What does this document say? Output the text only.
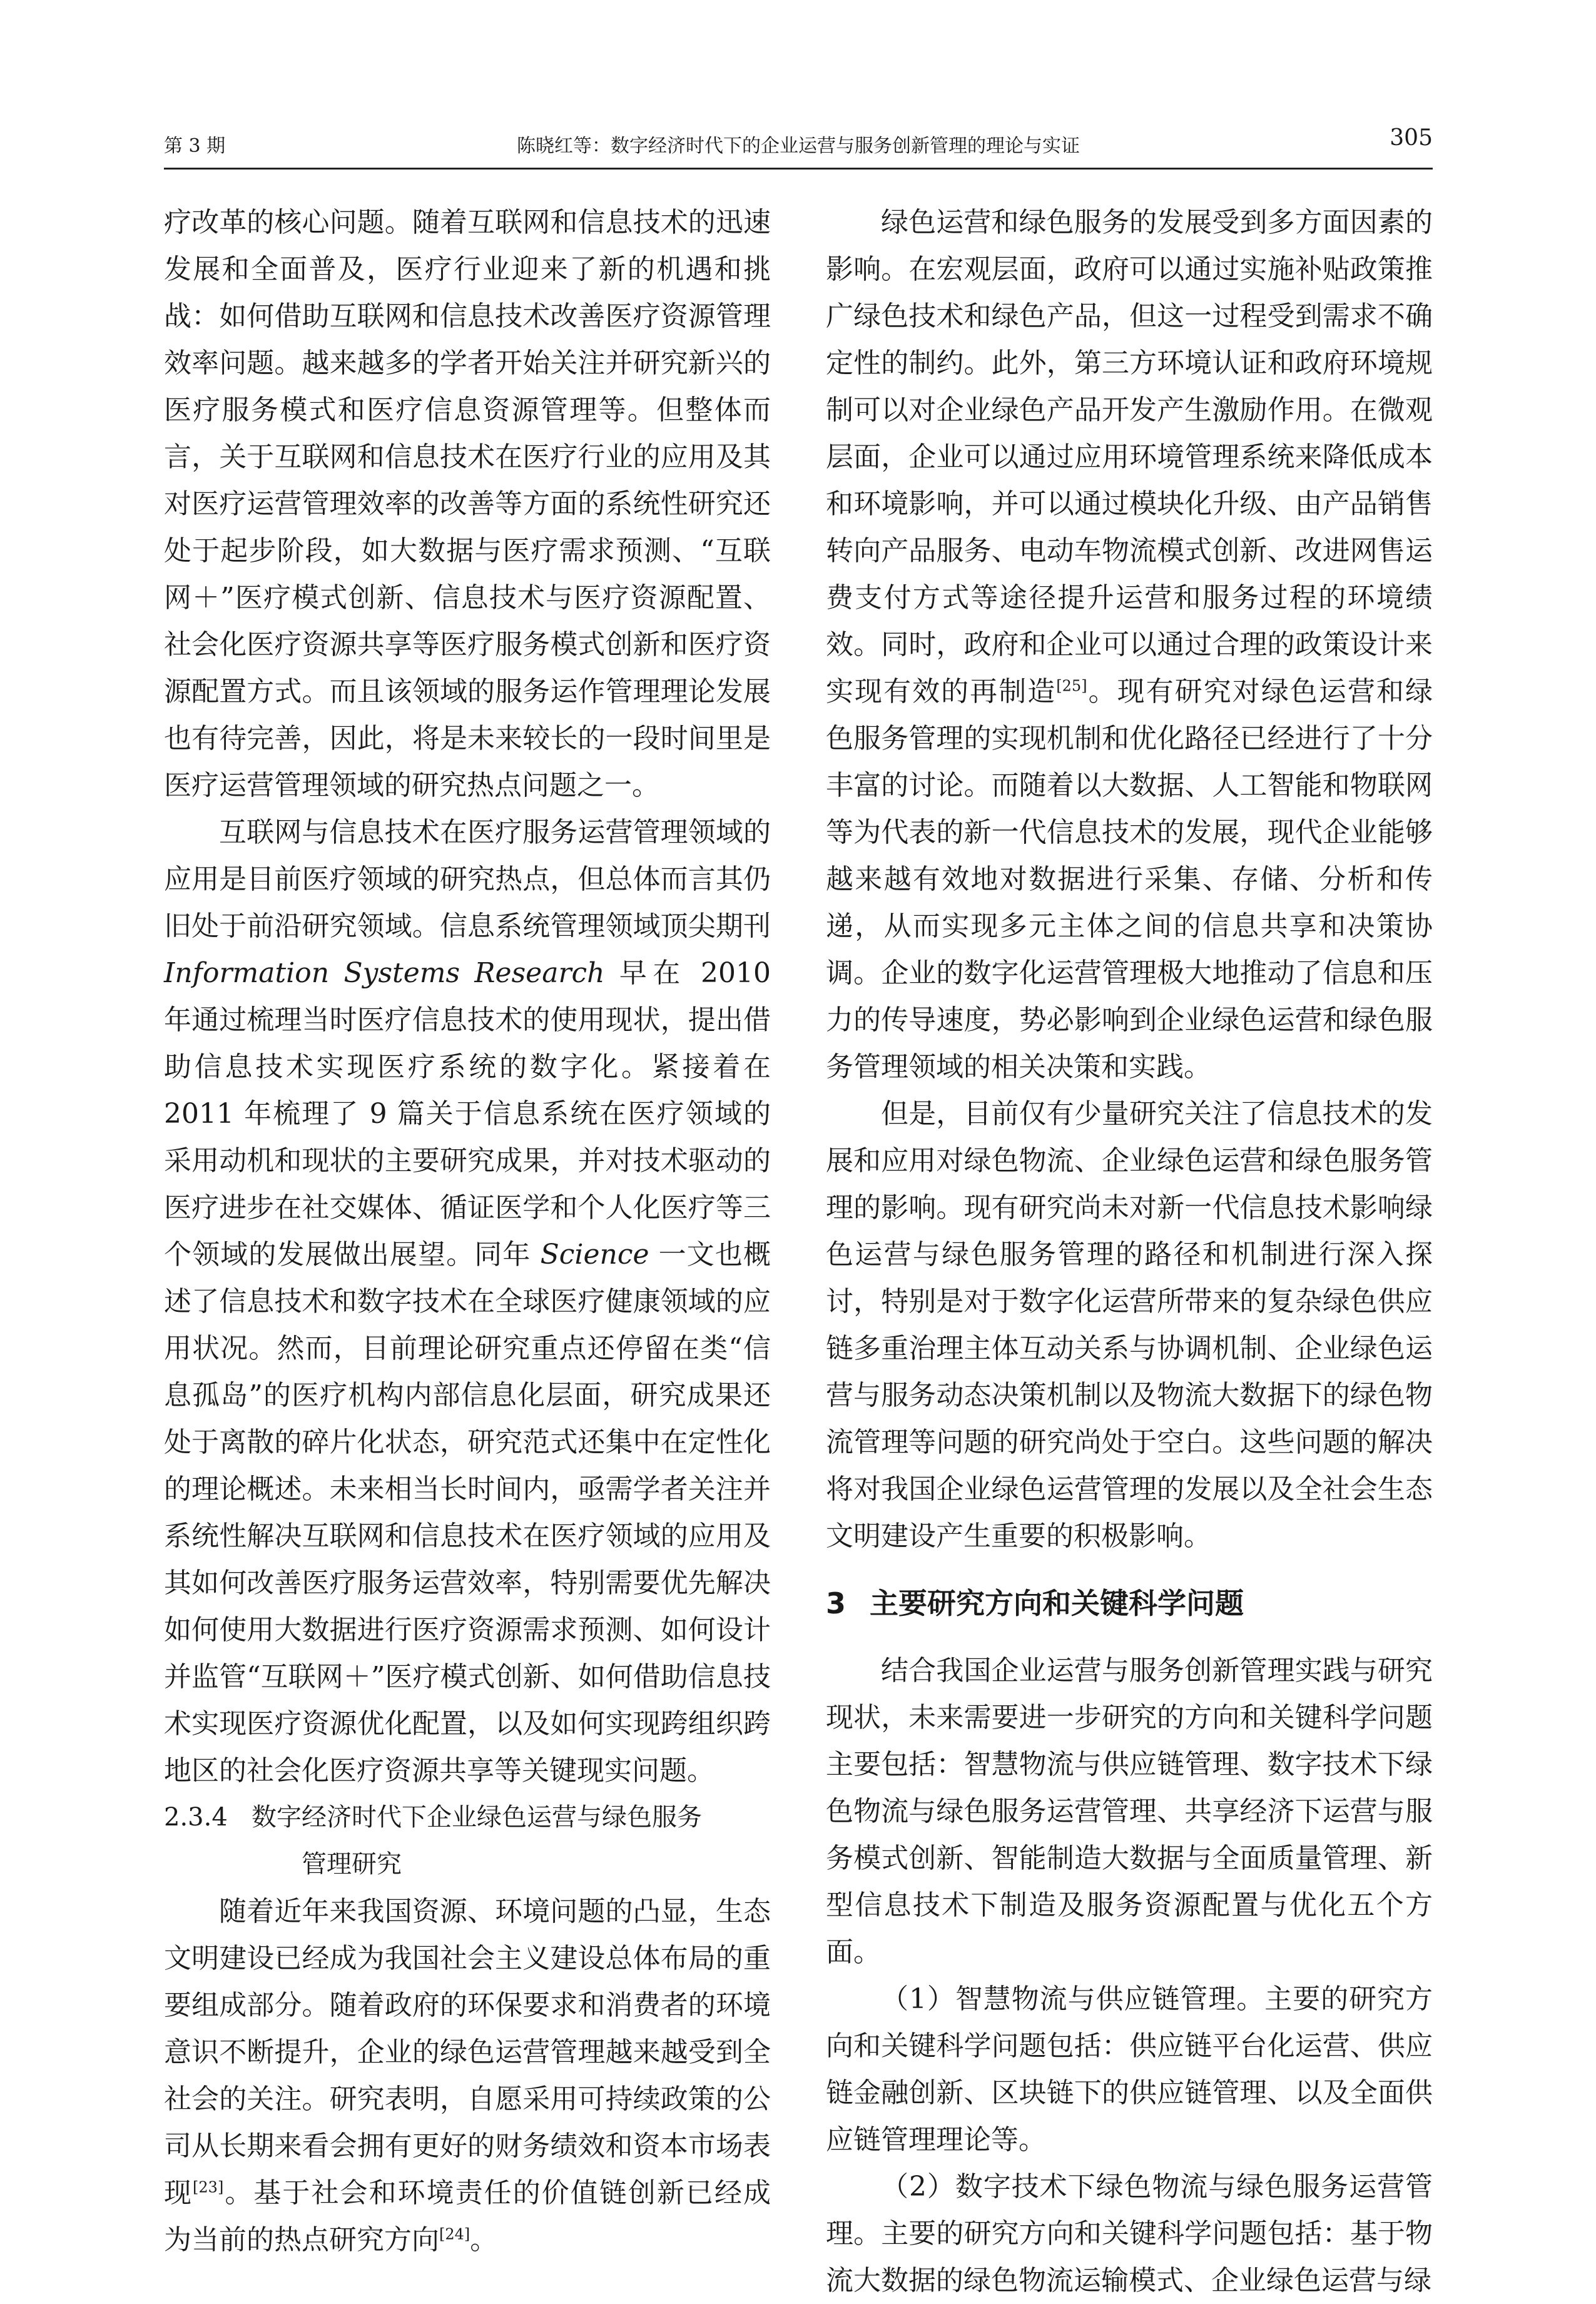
第 3 期	陈晓红等：数字经济时代下的企业运营与服务创新管理的理论与实证	305

疗改革的核心问题。随着互联网和信息技术的迅速发展和全面普及，医疗行业迎来了新的机遇和挑战：如何借助互联网和信息技术改善医疗资源管理效率问题。越来越多的学者开始关注并研究新兴的医疗服务模式和医疗信息资源管理等。但整体而言，关于互联网和信息技术在医疗行业的应用及其对医疗运营管理效率的改善等方面的系统性研究还处于起步阶段，如大数据与医疗需求预测、“互联网＋”医疗模式创新、信息技术与医疗资源配置、社会化医疗资源共享等医疗服务模式创新和医疗资源配置方式。而且该领域的服务运作管理理论发展也有待完善，因此，将是未来较长的一段时间里是医疗运营管理领域的研究热点问题之一。

互联网与信息技术在医疗服务运营管理领域的应用是目前医疗领域的研究热点，但总体而言其仍旧处于前沿研究领域。信息系统管理领域顶尖期刊Information Systems Research 早在 2010 年通过梳理当时医疗信息技术的使用现状，提出借助信息技术实现医疗系统的数字化。紧接着在 2011 年梳理了 9 篇关于信息系统在医疗领域的采用动机和现状的主要研究成果，并对技术驱动的医疗进步在社交媒体、循证医学和个人化医疗等三个领域的发展做出展望。同年 Science 一文也概述了信息技术和数字技术在全球医疗健康领域的应用状况。然而，目前理论研究重点还停留在类“信息孤岛”的医疗机构内部信息化层面，研究成果还处于离散的碎片化状态，研究范式还集中在定性化的理论概述。未来相当长时间内，亟需学者关注并系统性解决互联网和信息技术在医疗领域的应用及其如何改善医疗服务运营效率，特别需要优先解决如何使用大数据进行医疗资源需求预测、如何设计并监管“互联网＋”医疗模式创新、如何借助信息技术实现医疗资源优化配置，以及如何实现跨组织跨地区的社会化医疗资源共享等关键现实问题。

2.3.4 数字经济时代下企业绿色运营与绿色服务
管理研究

随着近年来我国资源、环境问题的凸显，生态文明建设已经成为我国社会主义建设总体布局的重要组成部分。随着政府的环保要求和消费者的环境意识不断提升，企业的绿色运营管理越来越受到全社会的关注。研究表明，自愿采用可持续政策的公司从长期来看会拥有更好的财务绩效和资本市场表现[23]。基于社会和环境责任的价值链创新已经成为当前的热点研究方向[24]。

绿色运营和绿色服务的发展受到多方面因素的影响。在宏观层面，政府可以通过实施补贴政策推广绿色技术和绿色产品，但这一过程受到需求不确定性的制约。此外，第三方环境认证和政府环境规制可以对企业绿色产品开发产生激励作用。在微观层面，企业可以通过应用环境管理系统来降低成本和环境影响，并可以通过模块化升级、由产品销售转向产品服务、电动车物流模式创新、改进网售运费支付方式等途径提升运营和服务过程的环境绩效。同时，政府和企业可以通过合理的政策设计来实现有效的再制造[25]。现有研究对绿色运营和绿色服务管理的实现机制和优化路径已经进行了十分丰富的讨论。而随着以大数据、人工智能和物联网等为代表的新一代信息技术的发展，现代企业能够越来越有效地对数据进行采集、存储、分析和传递，从而实现多元主体之间的信息共享和决策协调。企业的数字化运营管理极大地推动了信息和压力的传导速度，势必影响到企业绿色运营和绿色服务管理领域的相关决策和实践。

但是，目前仅有少量研究关注了信息技术的发展和应用对绿色物流、企业绿色运营和绿色服务管理的影响。现有研究尚未对新一代信息技术影响绿色运营与绿色服务管理的路径和机制进行深入探讨，特别是对于数字化运营所带来的复杂绿色供应链多重治理主体互动关系与协调机制、企业绿色运营与服务动态决策机制以及物流大数据下的绿色物流管理等问题的研究尚处于空白。这些问题的解决将对我国企业绿色运营管理的发展以及全社会生态文明建设产生重要的积极影响。

3 主要研究方向和关键科学问题

结合我国企业运营与服务创新管理实践与研究现状，未来需要进一步研究的方向和关键科学问题主要包括：智慧物流与供应链管理、数字技术下绿色物流与绿色服务运营管理、共享经济下运营与服务模式创新、智能制造大数据与全面质量管理、新型信息技术下制造及服务资源配置与优化五个方面。

（1）智慧物流与供应链管理。主要的研究方向和关键科学问题包括：供应链平台化运营、供应链金融创新、区块链下的供应链管理、以及全面供应链管理理论等。

（2）数字技术下绿色物流与绿色服务运营管理。主要的研究方向和关键科学问题包括：基于物流大数据的绿色物流运输模式、企业绿色运营与绿
